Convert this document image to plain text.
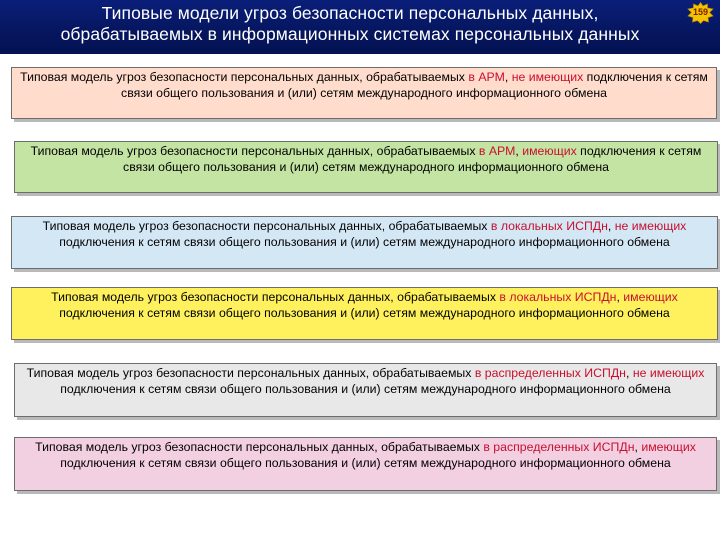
Типовые модели угроз безопасности персональных данных,
обрабатываемых в информационных системах персональных данных
159
Типовая модель угроз безопасности персональных данных, обрабатываемых в АРМ, не имеющих подключения к сетям связи общего пользования и (или) сетям международного информационного обмена
Типовая модель угроз безопасности персональных данных, обрабатываемых в АРМ, имеющих подключения к сетям связи общего пользования и (или) сетям международного информационного обмена
Типовая модель угроз безопасности персональных данных, обрабатываемых в локальных ИСПДн, не имеющих подключения к сетям связи общего пользования и (или) сетям международного информационного обмена
Типовая модель угроз безопасности персональных данных, обрабатываемых в локальных ИСПДн, имеющих подключения к сетям связи общего пользования и (или) сетям международного информационного обмена
Типовая модель угроз безопасности персональных данных, обрабатываемых в распределенных ИСПДн, не имеющих подключения к сетям связи общего пользования и (или) сетям международного информационного обмена
Типовая модель угроз безопасности персональных данных, обрабатываемых в распределенных ИСПДн, имеющих подключения к сетям связи общего пользования и (или) сетям международного информационного обмена
